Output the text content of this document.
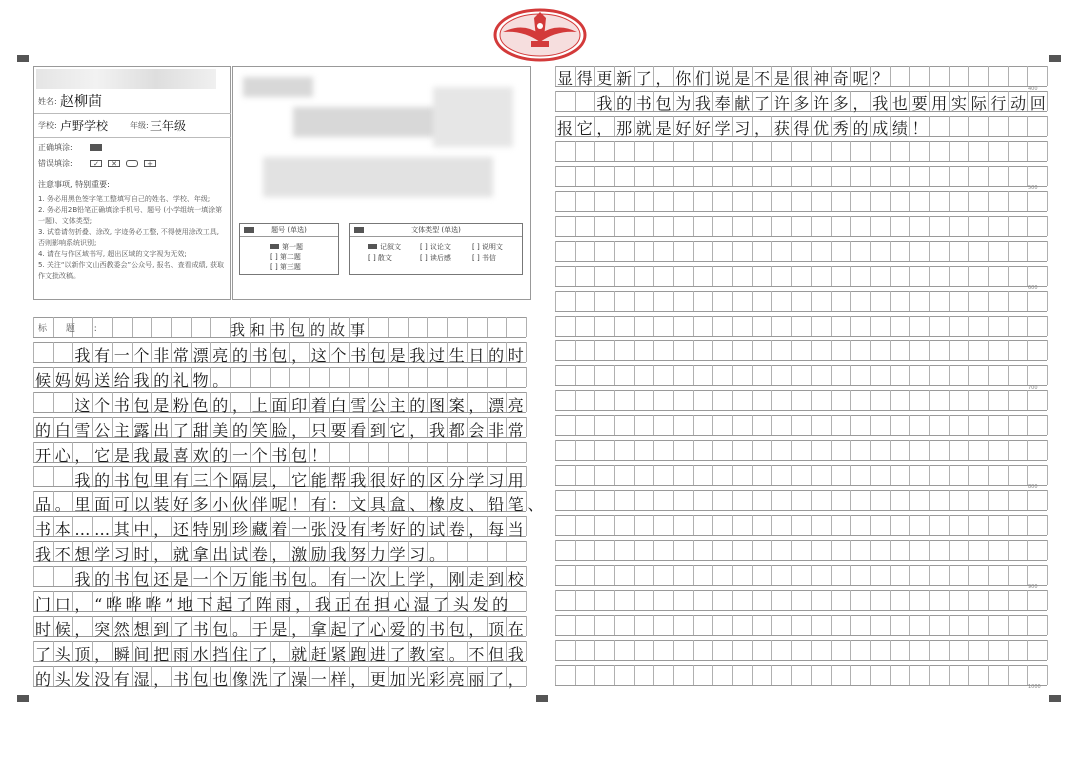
姓名: 赵柳茴
学校: 卢野学校	年级: 三年级
正确填涂:
错误填涂:	✓	✕	+
注意事项, 特别重要:
1. 务必用黑色签字笔工整填写自己的姓名、学校、年级;
2. 务必用2B铅笔正确填涂手机号、题号 (小学组统一填涂第一题)、文体类型;
3. 试卷请勿折叠、涂改, 字迹务必工整, 不得使用涂改工具, 否则影响系统识别;
4. 请在与作区域书写, 超出区域的文字视为无效;
5. 关注“以新作文山西教委会”公众号, 报名、查看成绩, 获取作文批改稿。
题号 (单选)
第一题
[ ] 第二题
[ ] 第三题
文体类型 (单选)
记叙文	[ ] 议论文	[ ] 说明文
[ ] 散文	[ ] 读后感	[ ] 书信
标 题 :	我和书包的故事
　　我有一个非常漂亮的书包，这个书包是我过生日的时
候妈妈送给我的礼物。
　　这个书包是粉色的，上面印着白雪公主的图案，漂亮
的白雪公主露出了甜美的笑脸，只要看到它，我都会非常
开心，它是我最喜欢的一个书包！
　　我的书包里有三个隔层，它能帮我很好的区分学习用
品。里面可以装好多小伙伴呢！有：文具盒、橡皮、铅笔、
书本……其中，还特别珍藏着一张没有考好的试卷，每当
我不想学习时，就拿出试卷，激励我努力学习。
　　我的书包还是一个万能书包。有一次上学，刚走到校
门口，“哗哗哗”地下起了阵雨，我正在担心湿了头发的
时候，突然想到了书包。于是，拿起了心爱的书包，顶在
了头顶，瞬间把雨水挡住了，就赶紧跑进了教室。不但我
的头发没有湿，书包也像洗了澡一样，更加光彩亮丽了，
显得更新了，你们说是不是很神奇呢？
　　我的书包为我奉献了许多许多，我也要用实际行动回
报它，那就是好好学习，获得优秀的成绩！
400
500
600
700
800
900
1000
